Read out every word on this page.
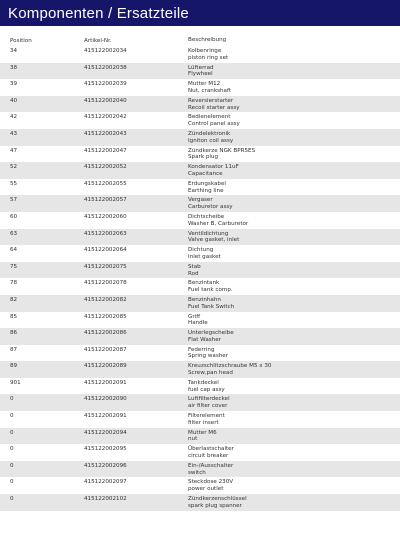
Komponenten / Ersatzteile
Position	Artikel-Nr.	Beschreibung
34	415122002034	Kolbenringe
piston ring set
38	415122002038	Lüfterrad
Flywheel
39	415122002039	Mutter M12
Nut, crankshaft
40	415122002040	Reversierstarter
Recoil starter assy
42	415122002042	Bedienelement
Control panel assy
43	415122002043	Zündelektronik
Igniton coil assy
47	415122002047	Zündkerze NGK BPR5ES
Spark plug
52	415122002052	Kondensator 11uF
Capacitance
55	415122002055	Erdungskabel
Earthing line
57	415122002057	Vergaser
Carburetor assy
60	415122002060	Dichtscheibe
Washer B, Carburetor
63	415122002063	Ventildichtung
Valve gasket, inlet
64	415122002064	Dichtung
Inlet gasket
75	415122002075	Stab
Rod
78	415122002078	Benzintank
Fuel tank comp.
82	415122002082	Benzinhahn
Fuel Tank Switch
85	415122002085	Griff
Handle
86	415122002086	Unterlegscheibe
Flat Washer
87	415122002087	Federring
Spring washer
89	415122002089	Kreuzschlitzschraube M5 x 30
Screw,pan head
901	415122002091	Tankdeckel
fuel cap assy
0	415122002090	Luftfilterdeckel
air filter cover
0	415122002091	Filterelement
filter insert
0	415122002094	Mutter M6
nut
0	415122002095	Überlastschalter
circuit breaker
0	415122002096	Ein-/Ausschalter
switch
0	415122002097	Steckdose 230V
power outlet
0	415122002102	Zündkerzenschlüssel
spark plug spanner
